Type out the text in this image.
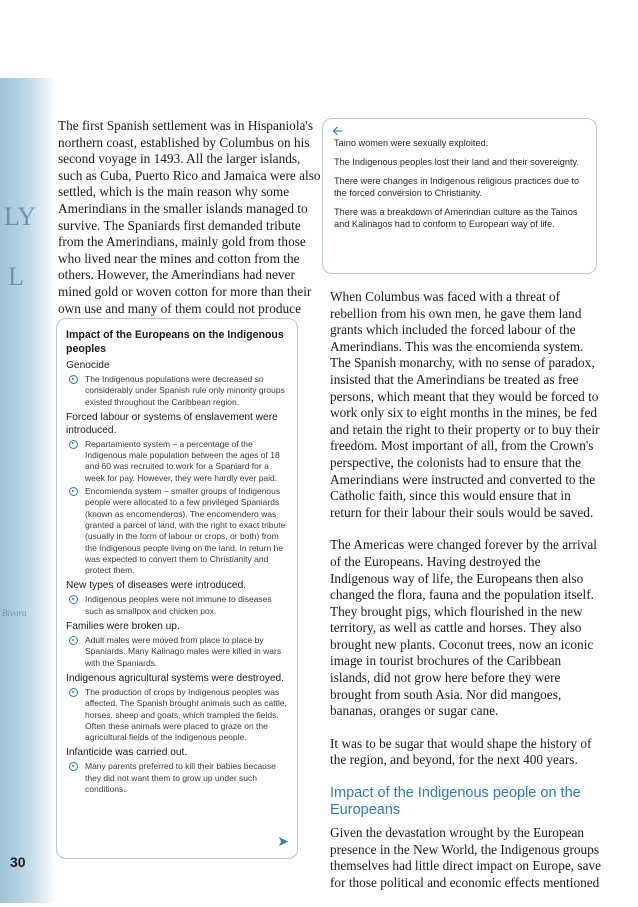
LY
L
Bivora

The first Spanish settlement was in Hispaniola's northern coast, established by Columbus on his second voyage in 1493. All the larger islands, such as Cuba, Puerto Rico and Jamaica were also settled, which is the main reason why some Amerindians in the smaller islands managed to survive. The Spaniards first demanded tribute from the Amerindians, mainly gold from those who lived near the mines and cotton from the others. However, the Amerindians had never mined gold or woven cotton for more than their own use and many of them could not produce

Impact of the Europeans on the Indigenous peoples
Genocide
The Indigenous populations were decreased so considerably under Spanish rule only minority groups existed throughout the Caribbean region.
Forced labour or systems of enslavement were introduced.
Repartamiento system – a percentage of the Indigenous male population between the ages of 18 and 60 was recruited to work for a Spaniard for a week for pay. However, they were hardly ever paid.
Encomienda system – smaller groups of Indigenous people were allocated to a few privileged Spaniards (known as encomenderos). The encomendero was granted a parcel of land, with the right to exact tribute (usually in the form of labour or crops, or both) from the Indigenous people living on the land. In return he was expected to convert them to Christianity and protect them.
New types of diseases were introduced.
Indigenous peoples were not immune to diseases such as smallpox and chicken pox.
Families were broken up.
Adult males were moved from place to place by Spaniards. Many Kalinago males were killed in wars with the Spaniards.
Indigenous agricultural systems were destroyed.
The production of crops by Indigenous peoples was affected. The Spanish brought animals such as cattle, horses, sheep and goats, which trampled the fields. Often these animals were placed to graze on the agricultural fields of the Indigenous people.
Infanticide was carried out.
Many parents preferred to kill their babies because they did not want them to grow up under such conditions.
➤
🡨

Taino women were sexually exploited.

The Indigenous peoples lost their land and their sovereignty.

There were changes in Indigenous religious practices due to the forced conversion to Christianity.

There was a breakdown of Amerindian culture as the Tainos and Kalinagos had to conform to European way of life.

When Columbus was faced with a threat of rebellion from his own men, he gave them land grants which included the forced labour of the Amerindians. This was the encomienda system. The Spanish monarchy, with no sense of paradox, insisted that the Amerindians be treated as free persons, which meant that they would be forced to work only six to eight months in the mines, be fed and retain the right to their property or to buy their freedom. Most important of all, from the Crown's perspective, the colonists had to ensure that the Amerindians were instructed and converted to the Catholic faith, since this would ensure that in return for their labour their souls would be saved.

The Americas were changed forever by the arrival of the Europeans. Having destroyed the Indigenous way of life, the Europeans then also changed the flora, fauna and the population itself. They brought pigs, which flourished in the new territory, as well as cattle and horses. They also brought new plants. Coconut trees, now an iconic image in tourist brochures of the Caribbean islands, did not grow here before they were brought from south Asia. Nor did mangoes, bananas, oranges or sugar cane.

It was to be sugar that would shape the history of the region, and beyond, for the next 400 years.

Impact of the Indigenous people on the Europeans

Given the devastation wrought by the European presence in the New World, the Indigenous groups themselves had little direct impact on Europe, save for those political and economic effects mentioned

30
